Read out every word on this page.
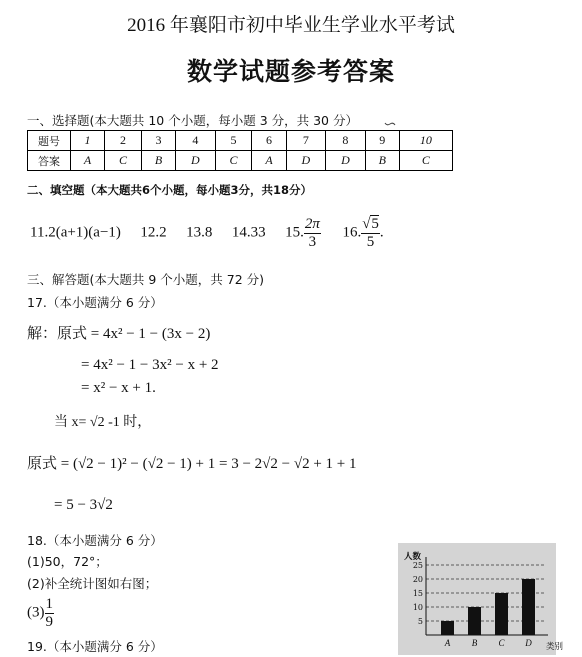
2016 年襄阳市初中毕业生学业水平考试
数学试题参考答案
一、选择题(本大题共 10 个小题，每小题 3 分，共 30 分）
题号	1	2	3	4	5	6	7	8	9	10
答案	A	C	B	D	C	A	D	D	B	C
二、填空题（本大题共6个小题，每小题3分，共18分）
11.2(a+1)(a−1) 12.2 13.8 14.33 15. $\frac{2\pi}{3} 16$. $\frac{√5}{5}$ .
三、解答题(本大题共 9 个小题，共 72 分)
17.（本小题满分 6 分）
解：原式 = 4x² − 1 − (3x − 2)
= 4x² − 1 − 3x² − x + 2
= x² − x + 1.
当 x= √2 -1 时，
原式 = (√2 − 1)² − (√2 − 1) + 1 = 3 − 2√2 − √2 + 1 + 1
= 5 − 3√2
18.（本小题满分 6 分）
(1)50，72°；
(2)补全统计图如右图；
$(3) \frac{1}{9}$
19.（本小题满分 6 分）
5
10
15
20
25
人数
类别
A B C D
